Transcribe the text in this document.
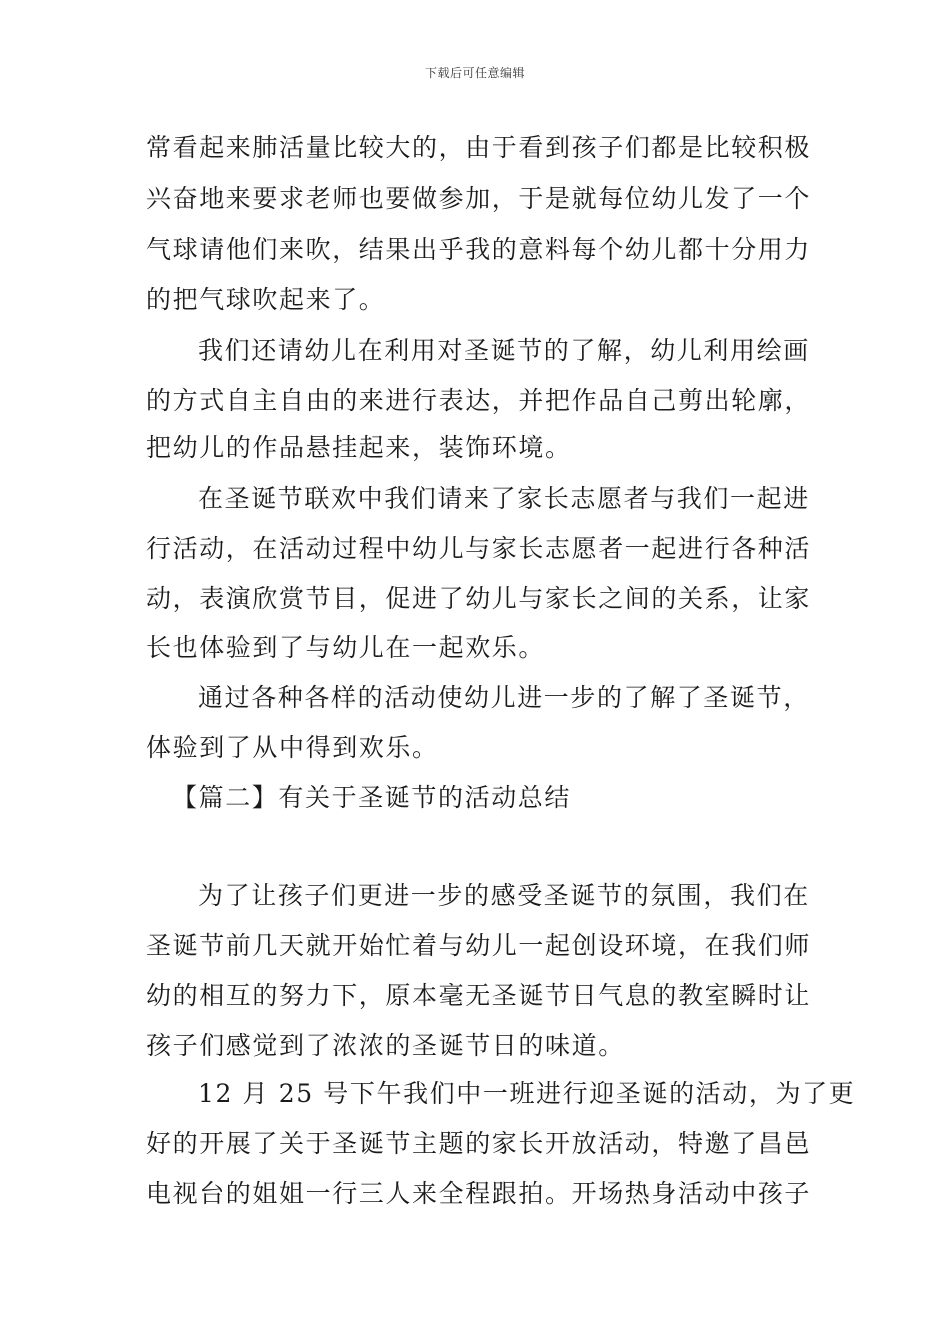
下载后可任意编辑
常看起来肺活量比较大的，由于看到孩子们都是比较积极
兴奋地来要求老师也要做参加，于是就每位幼儿发了一个
气球请他们来吹，结果出乎我的意料每个幼儿都十分用力
的把气球吹起来了。
我们还请幼儿在利用对圣诞节的了解，幼儿利用绘画
的方式自主自由的来进行表达，并把作品自己剪出轮廓，
把幼儿的作品悬挂起来，装饰环境。
在圣诞节联欢中我们请来了家长志愿者与我们一起进
行活动，在活动过程中幼儿与家长志愿者一起进行各种活
动，表演欣赏节目，促进了幼儿与家长之间的关系，让家
长也体验到了与幼儿在一起欢乐。
通过各种各样的活动使幼儿进一步的了解了圣诞节，
体验到了从中得到欢乐。
【篇二】有关于圣诞节的活动总结
为了让孩子们更进一步的感受圣诞节的氛围，我们在
圣诞节前几天就开始忙着与幼儿一起创设环境，在我们师
幼的相互的努力下，原本毫无圣诞节日气息的教室瞬时让
孩子们感觉到了浓浓的圣诞节日的味道。
12 月 25 号下午我们中一班进行迎圣诞的活动，为了更
好的开展了关于圣诞节主题的家长开放活动，特邀了昌邑
电视台的姐姐一行三人来全程跟拍。开场热身活动中孩子
